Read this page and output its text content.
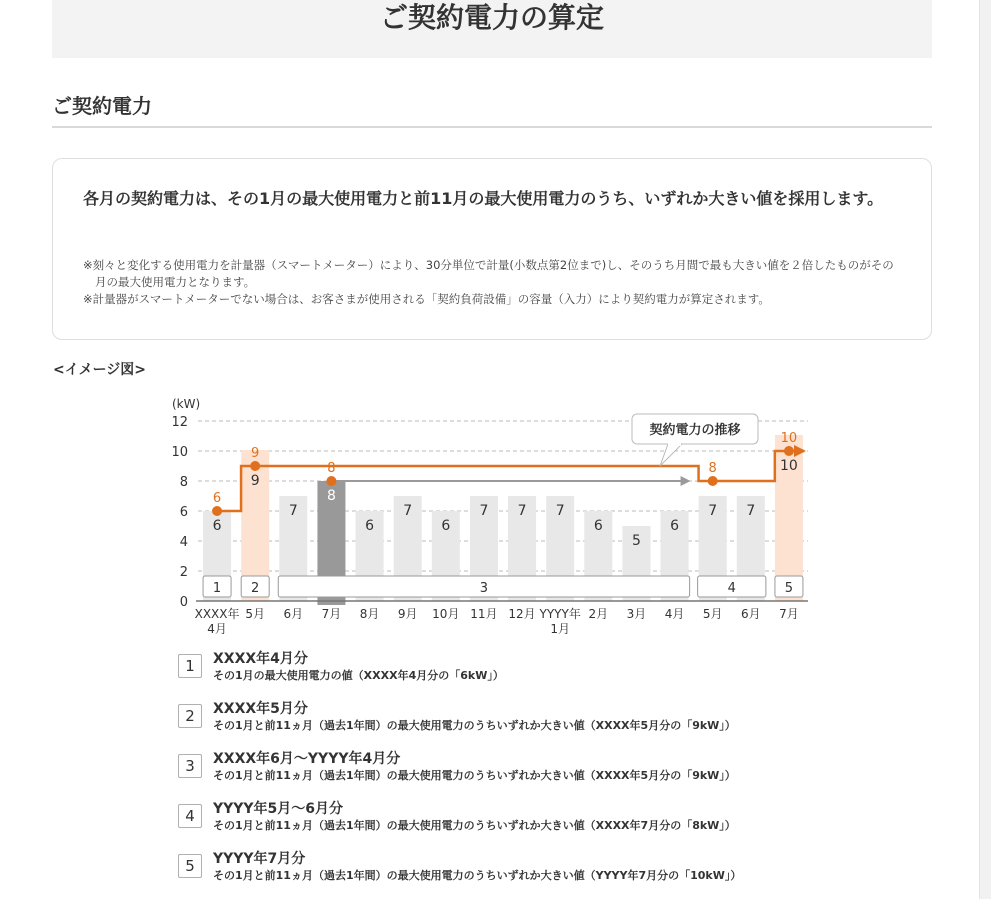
ご契約電力の算定
ご契約電力
各月の契約電力は、その1月の最大使用電力と前11月の最大使用電力のうち、いずれか大きい値を採用します。
※刻々と変化する使用電力を計量器（スマートメーター）により、30分単位で計量(小数点第2位まで)し、そのうち月間で最も大きい値を２倍したものがその月の最大使用電力となります。
※計量器がスマートメーターでない場合は、お客さまが使用される「契約負荷設備」の容量（入力）により契約電力が算定されます。
<イメージ図>
0
2
4
6
8
10
12
(kW)
6
9
7
8
6
7
6
7 7 7
6
5
6
7 7
10
1 2	3	4	5
XXXX年
4月
5月 6月 7月 8月 9月 10月 11月 12月 YYYY年
1月
2月 3月 4月 5月 6月 7月
6
9
8	8
10
契約電力の推移
1	XXXX年4月分
その1月の最大使用電力の値（XXXX年4月分の「6kW」）
2	XXXX年5月分
その1月と前11ヵ月（過去1年間）の最大使用電力のうちいずれか大きい値（XXXX年5月分の「9kW」）
3	XXXX年6月～YYYY年4月分
その1月と前11ヵ月（過去1年間）の最大使用電力のうちいずれか大きい値（XXXX年5月分の「9kW」）
4	YYYY年5月～6月分
その1月と前11ヵ月（過去1年間）の最大使用電力のうちいずれか大きい値（XXXX年7月分の「8kW」）
5	YYYY年7月分
その1月と前11ヵ月（過去1年間）の最大使用電力のうちいずれか大きい値（YYYY年7月分の「10kW」）
